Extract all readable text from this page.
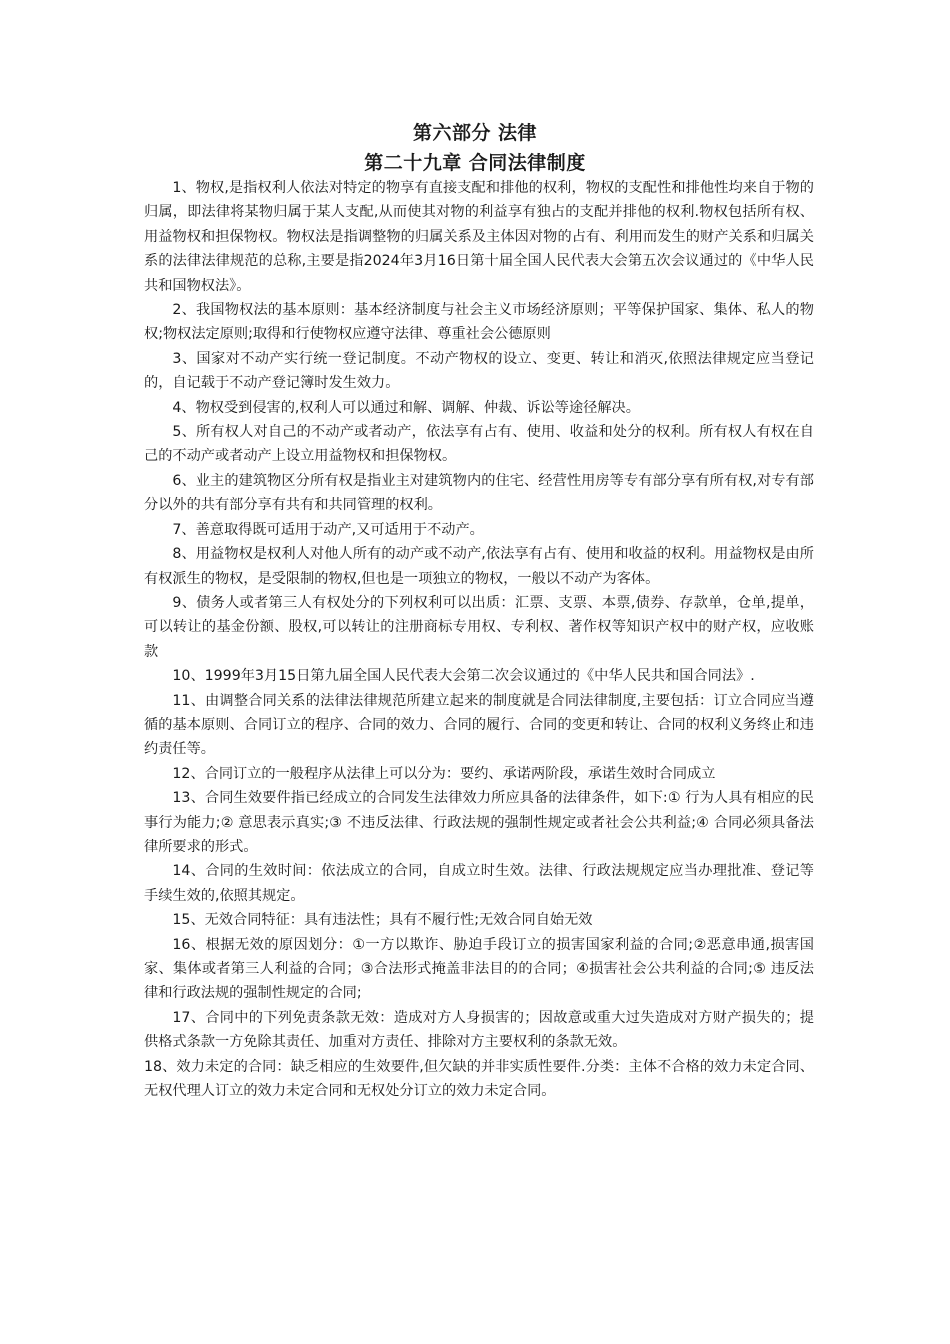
第六部分 法律
第二十九章 合同法律制度

1、物权,是指权利人依法对特定的物享有直接支配和排他的权利，物权的支配性和排他性均来自于物的归属，即法律将某物归属于某人支配,从而使其对物的利益享有独占的支配并排他的权利.物权包括所有权、用益物权和担保物权。物权法是指调整物的归属关系及主体因对物的占有、利用而发生的财产关系和归属关系的法律法律规范的总称,主要是指2024年3月16日第十届全国人民代表大会第五次会议通过的《中华人民共和国物权法》。

2、我国物权法的基本原则：基本经济制度与社会主义市场经济原则；平等保护国家、集体、私人的物权;物权法定原则;取得和行使物权应遵守法律、尊重社会公德原则

3、国家对不动产实行统一登记制度。不动产物权的设立、变更、转让和消灭,依照法律规定应当登记的，自记载于不动产登记簿时发生效力。

4、物权受到侵害的,权利人可以通过和解、调解、仲裁、诉讼等途径解决。

5、所有权人对自己的不动产或者动产，依法享有占有、使用、收益和处分的权利。所有权人有权在自己的不动产或者动产上设立用益物权和担保物权。

6、业主的建筑物区分所有权是指业主对建筑物内的住宅、经营性用房等专有部分享有所有权,对专有部分以外的共有部分享有共有和共同管理的权利。

7、善意取得既可适用于动产,又可适用于不动产。

8、用益物权是权利人对他人所有的动产或不动产,依法享有占有、使用和收益的权利。用益物权是由所有权派生的物权，是受限制的物权,但也是一项独立的物权，一般以不动产为客体。

9、债务人或者第三人有权处分的下列权利可以出质：汇票、支票、本票,债券、存款单，仓单,提单，可以转让的基金份额、股权,可以转让的注册商标专用权、专利权、著作权等知识产权中的财产权，应收账款

10、1999年3月15日第九届全国人民代表大会第二次会议通过的《中华人民共和国合同法》.

11、由调整合同关系的法律法律规范所建立起来的制度就是合同法律制度,主要包括：订立合同应当遵循的基本原则、合同订立的程序、合同的效力、合同的履行、合同的变更和转让、合同的权利义务终止和违约责任等。

12、合同订立的一般程序从法律上可以分为：要约、承诺两阶段，承诺生效时合同成立

13、合同生效要件指已经成立的合同发生法律效力所应具备的法律条件，如下:① 行为人具有相应的民事行为能力;② 意思表示真实;③ 不违反法律、行政法规的强制性规定或者社会公共利益;④ 合同必须具备法律所要求的形式。

14、合同的生效时间：依法成立的合同，自成立时生效。法律、行政法规规定应当办理批准、登记等手续生效的,依照其规定。

15、无效合同特征：具有违法性；具有不履行性;无效合同自始无效

16、根据无效的原因划分：①一方以欺诈、胁迫手段订立的损害国家利益的合同;②恶意串通,损害国家、集体或者第三人利益的合同；③合法形式掩盖非法目的的合同；④损害社会公共利益的合同;⑤ 违反法律和行政法规的强制性规定的合同;

17、合同中的下列免责条款无效：造成对方人身损害的；因故意或重大过失造成对方财产损失的；提供格式条款一方免除其责任、加重对方责任、排除对方主要权利的条款无效。

18、效力未定的合同：缺乏相应的生效要件,但欠缺的并非实质性要件.分类：主体不合格的效力未定合同、无权代理人订立的效力未定合同和无权处分订立的效力未定合同。
